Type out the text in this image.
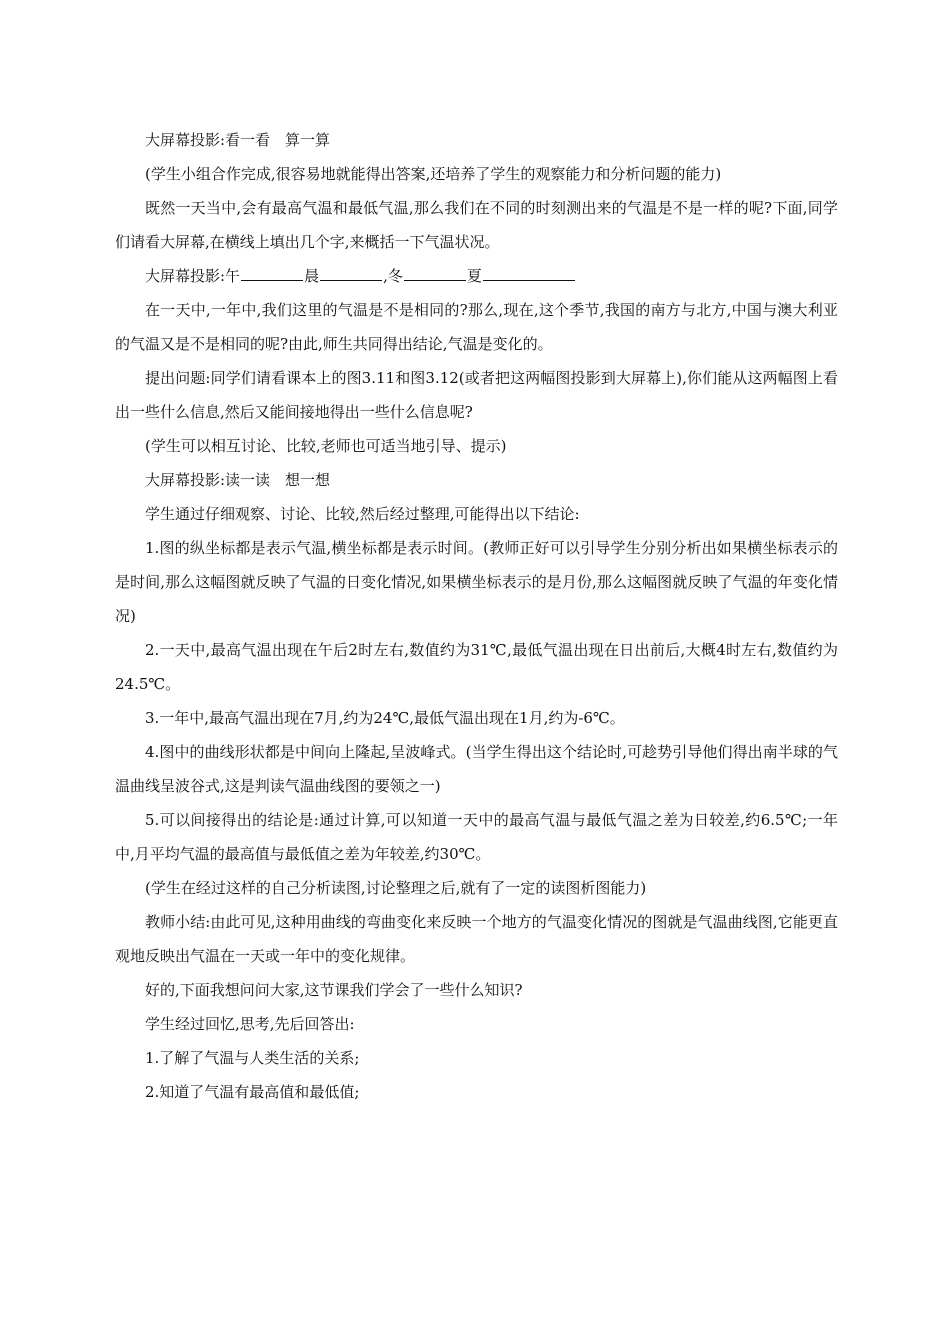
大屏幕投影:看一看　算一算

(学生小组合作完成,很容易地就能得出答案,还培养了学生的观察能力和分析问题的能力)

既然一天当中,会有最高气温和最低气温,那么我们在不同的时刻测出来的气温是不是一样的呢?下面,同学们请看大屏幕,在横线上填出几个字,来概括一下气温状况。

大屏幕投影:午	晨	,冬	夏

在一天中,一年中,我们这里的气温是不是相同的?那么,现在,这个季节,我国的南方与北方,中国与澳大利亚的气温又是不是相同的呢?由此,师生共同得出结论,气温是变化的。

提出问题:同学们请看课本上的图3.11和图3.12(或者把这两幅图投影到大屏幕上),你们能从这两幅图上看出一些什么信息,然后又能间接地得出一些什么信息呢?

(学生可以相互讨论、比较,老师也可适当地引导、提示)

大屏幕投影:读一读　想一想

学生通过仔细观察、讨论、比较,然后经过整理,可能得出以下结论:

1.图的纵坐标都是表示气温,横坐标都是表示时间。(教师正好可以引导学生分别分析出如果横坐标表示的是时间,那么这幅图就反映了气温的日变化情况,如果横坐标表示的是月份,那么这幅图就反映了气温的年变化情况)

2.一天中,最高气温出现在午后2时左右,数值约为31℃,最低气温出现在日出前后,大概4时左右,数值约为24.5℃。

3.一年中,最高气温出现在7月,约为24℃,最低气温出现在1月,约为-6℃。

4.图中的曲线形状都是中间向上隆起,呈波峰式。(当学生得出这个结论时,可趁势引导他们得出南半球的气温曲线呈波谷式,这是判读气温曲线图的要领之一)

5.可以间接得出的结论是:通过计算,可以知道一天中的最高气温与最低气温之差为日较差,约6.5℃;一年中,月平均气温的最高值与最低值之差为年较差,约30℃。

(学生在经过这样的自己分析读图,讨论整理之后,就有了一定的读图析图能力)

教师小结:由此可见,这种用曲线的弯曲变化来反映一个地方的气温变化情况的图就是气温曲线图,它能更直观地反映出气温在一天或一年中的变化规律。

好的,下面我想问问大家,这节课我们学会了一些什么知识?

学生经过回忆,思考,先后回答出:

1.了解了气温与人类生活的关系;

2.知道了气温有最高值和最低值;
